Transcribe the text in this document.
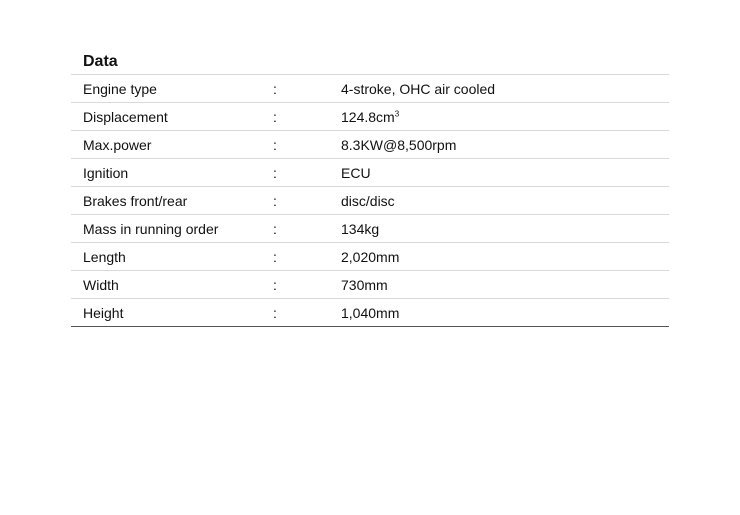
Data
Engine type	:	4-stroke, OHC air cooled
Displacement	:	$124.8cm^3$
Max.power	:	8.3KW@8,500rpm
Ignition	:	ECU
Brakes front/rear	:	disc/disc
Mass in running order	:	134kg
Length	:	2,020mm
Width	:	730mm
Height	:	1,040mm
